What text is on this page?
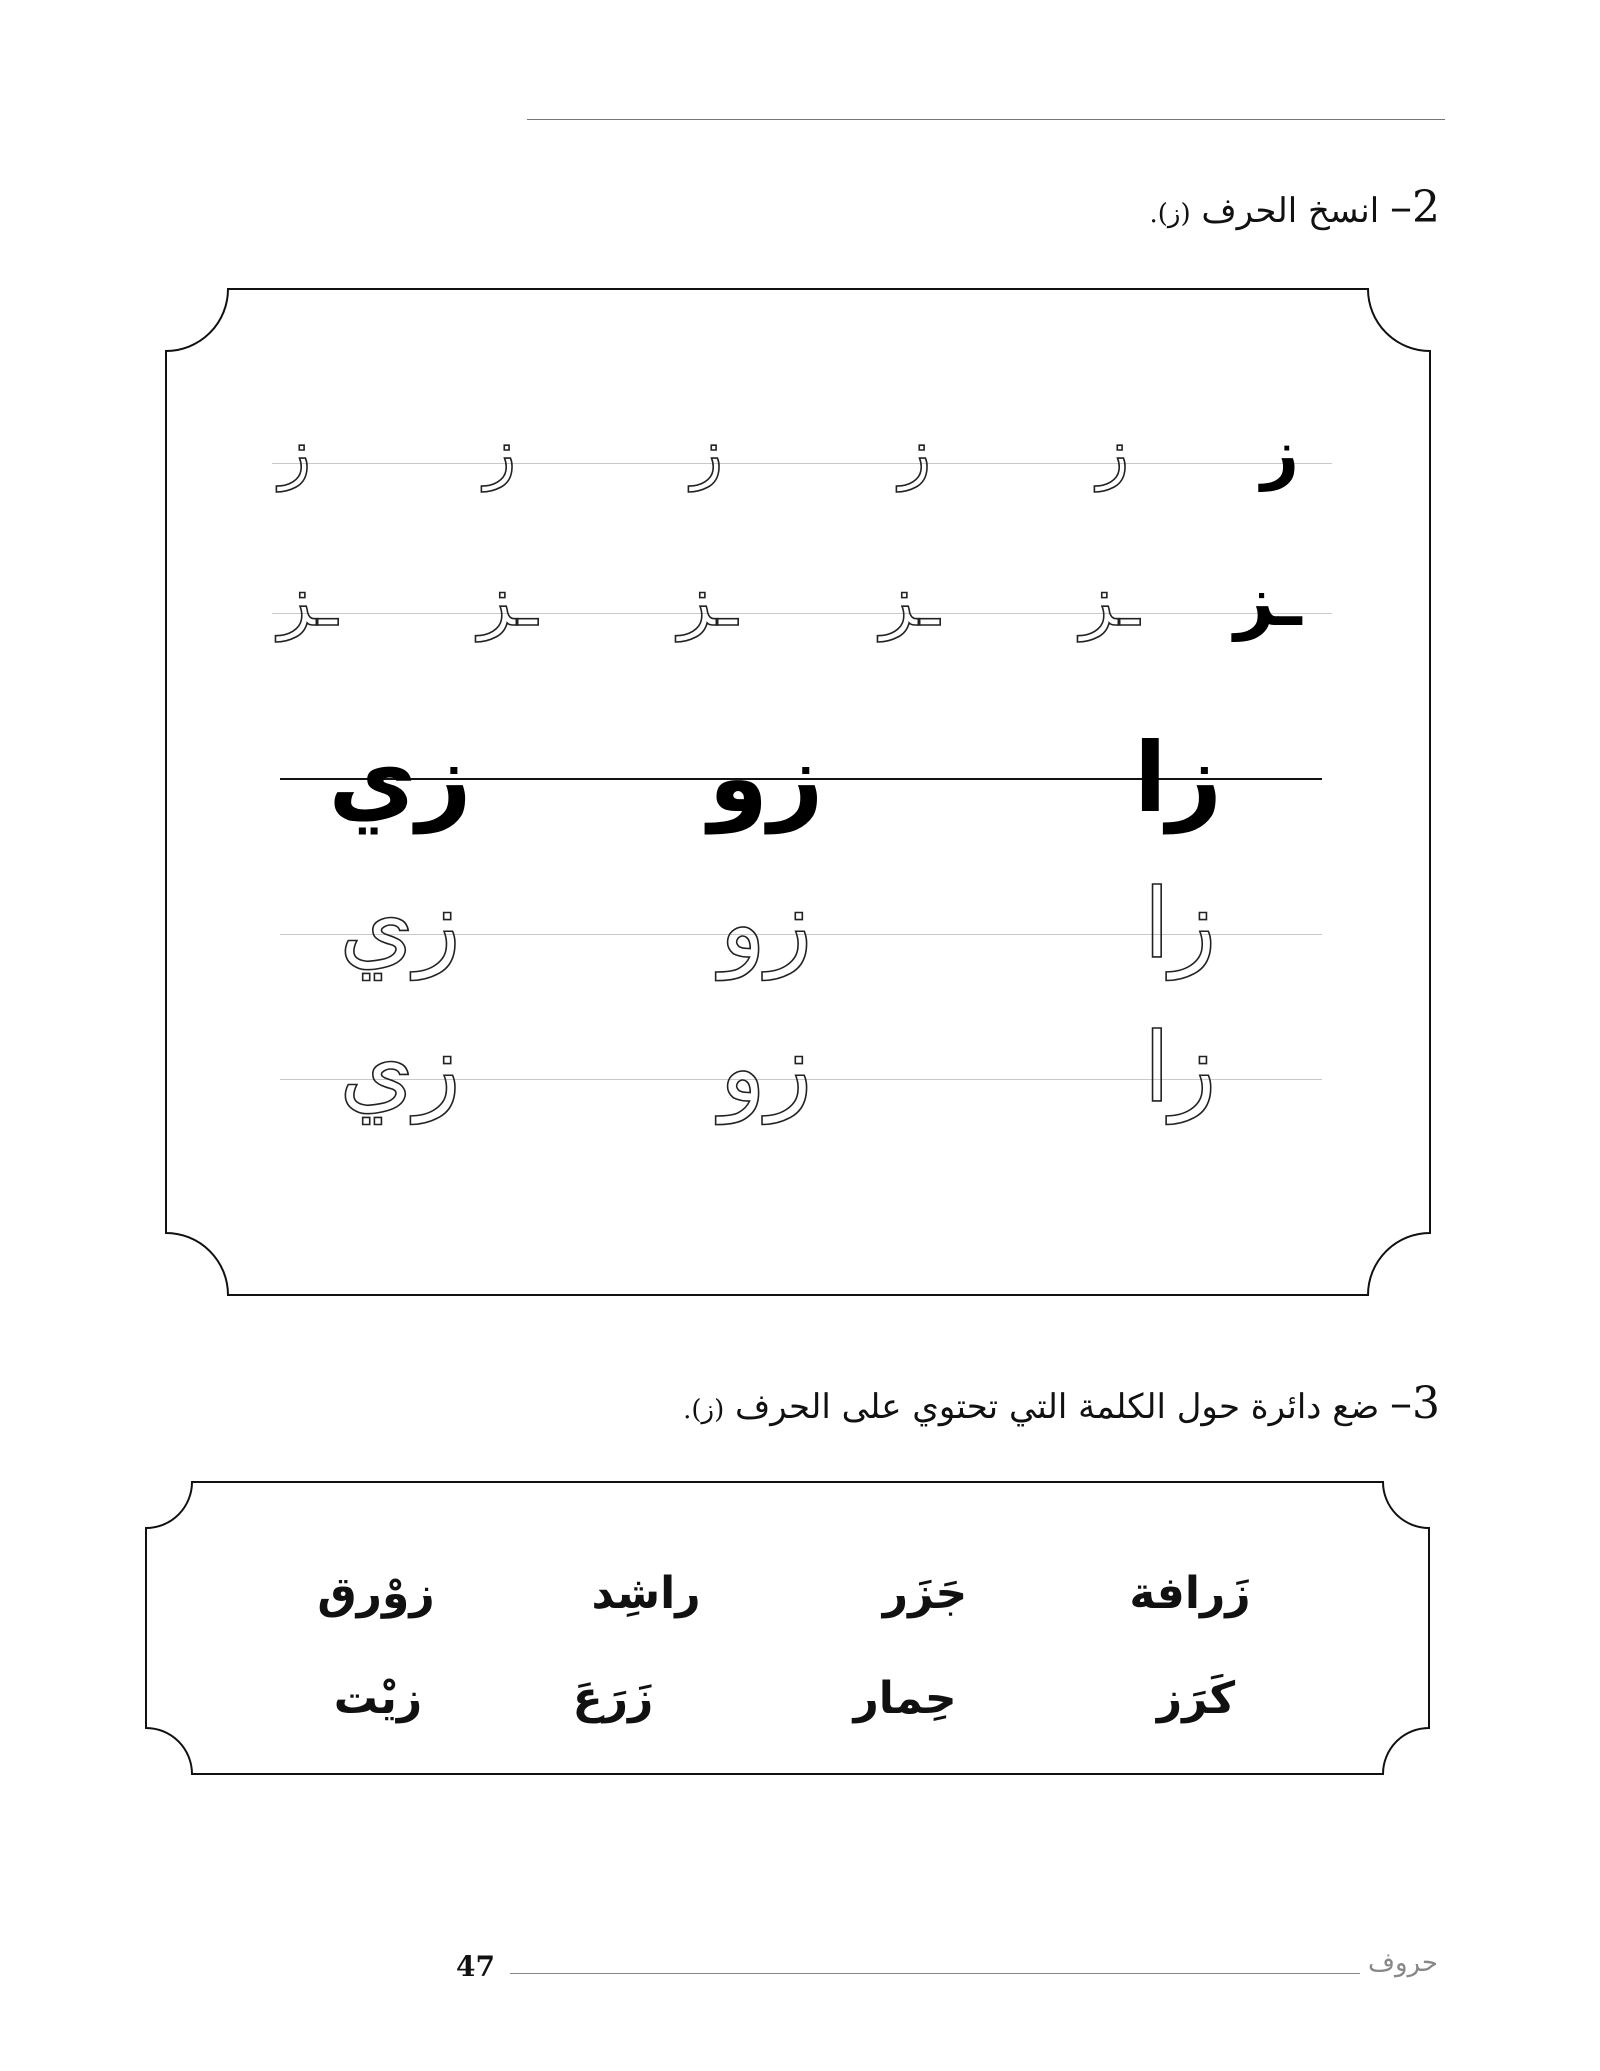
2– انسخ الحرف (ز).
ز
ز
ز
ز
ز
ز
ـز
ـز
ـز
ـز
ـز
ـز
زا
زو
زي
زا
زو
زي
زا
زو
زي
3– ضع دائرة حول الكلمة التي تحتوي على الحرف (ز).
زَرافة
جَزَر
راشِد
زوْرق
كَرَز
حِمار
زَرَعَ
زيْت
47	حروف
